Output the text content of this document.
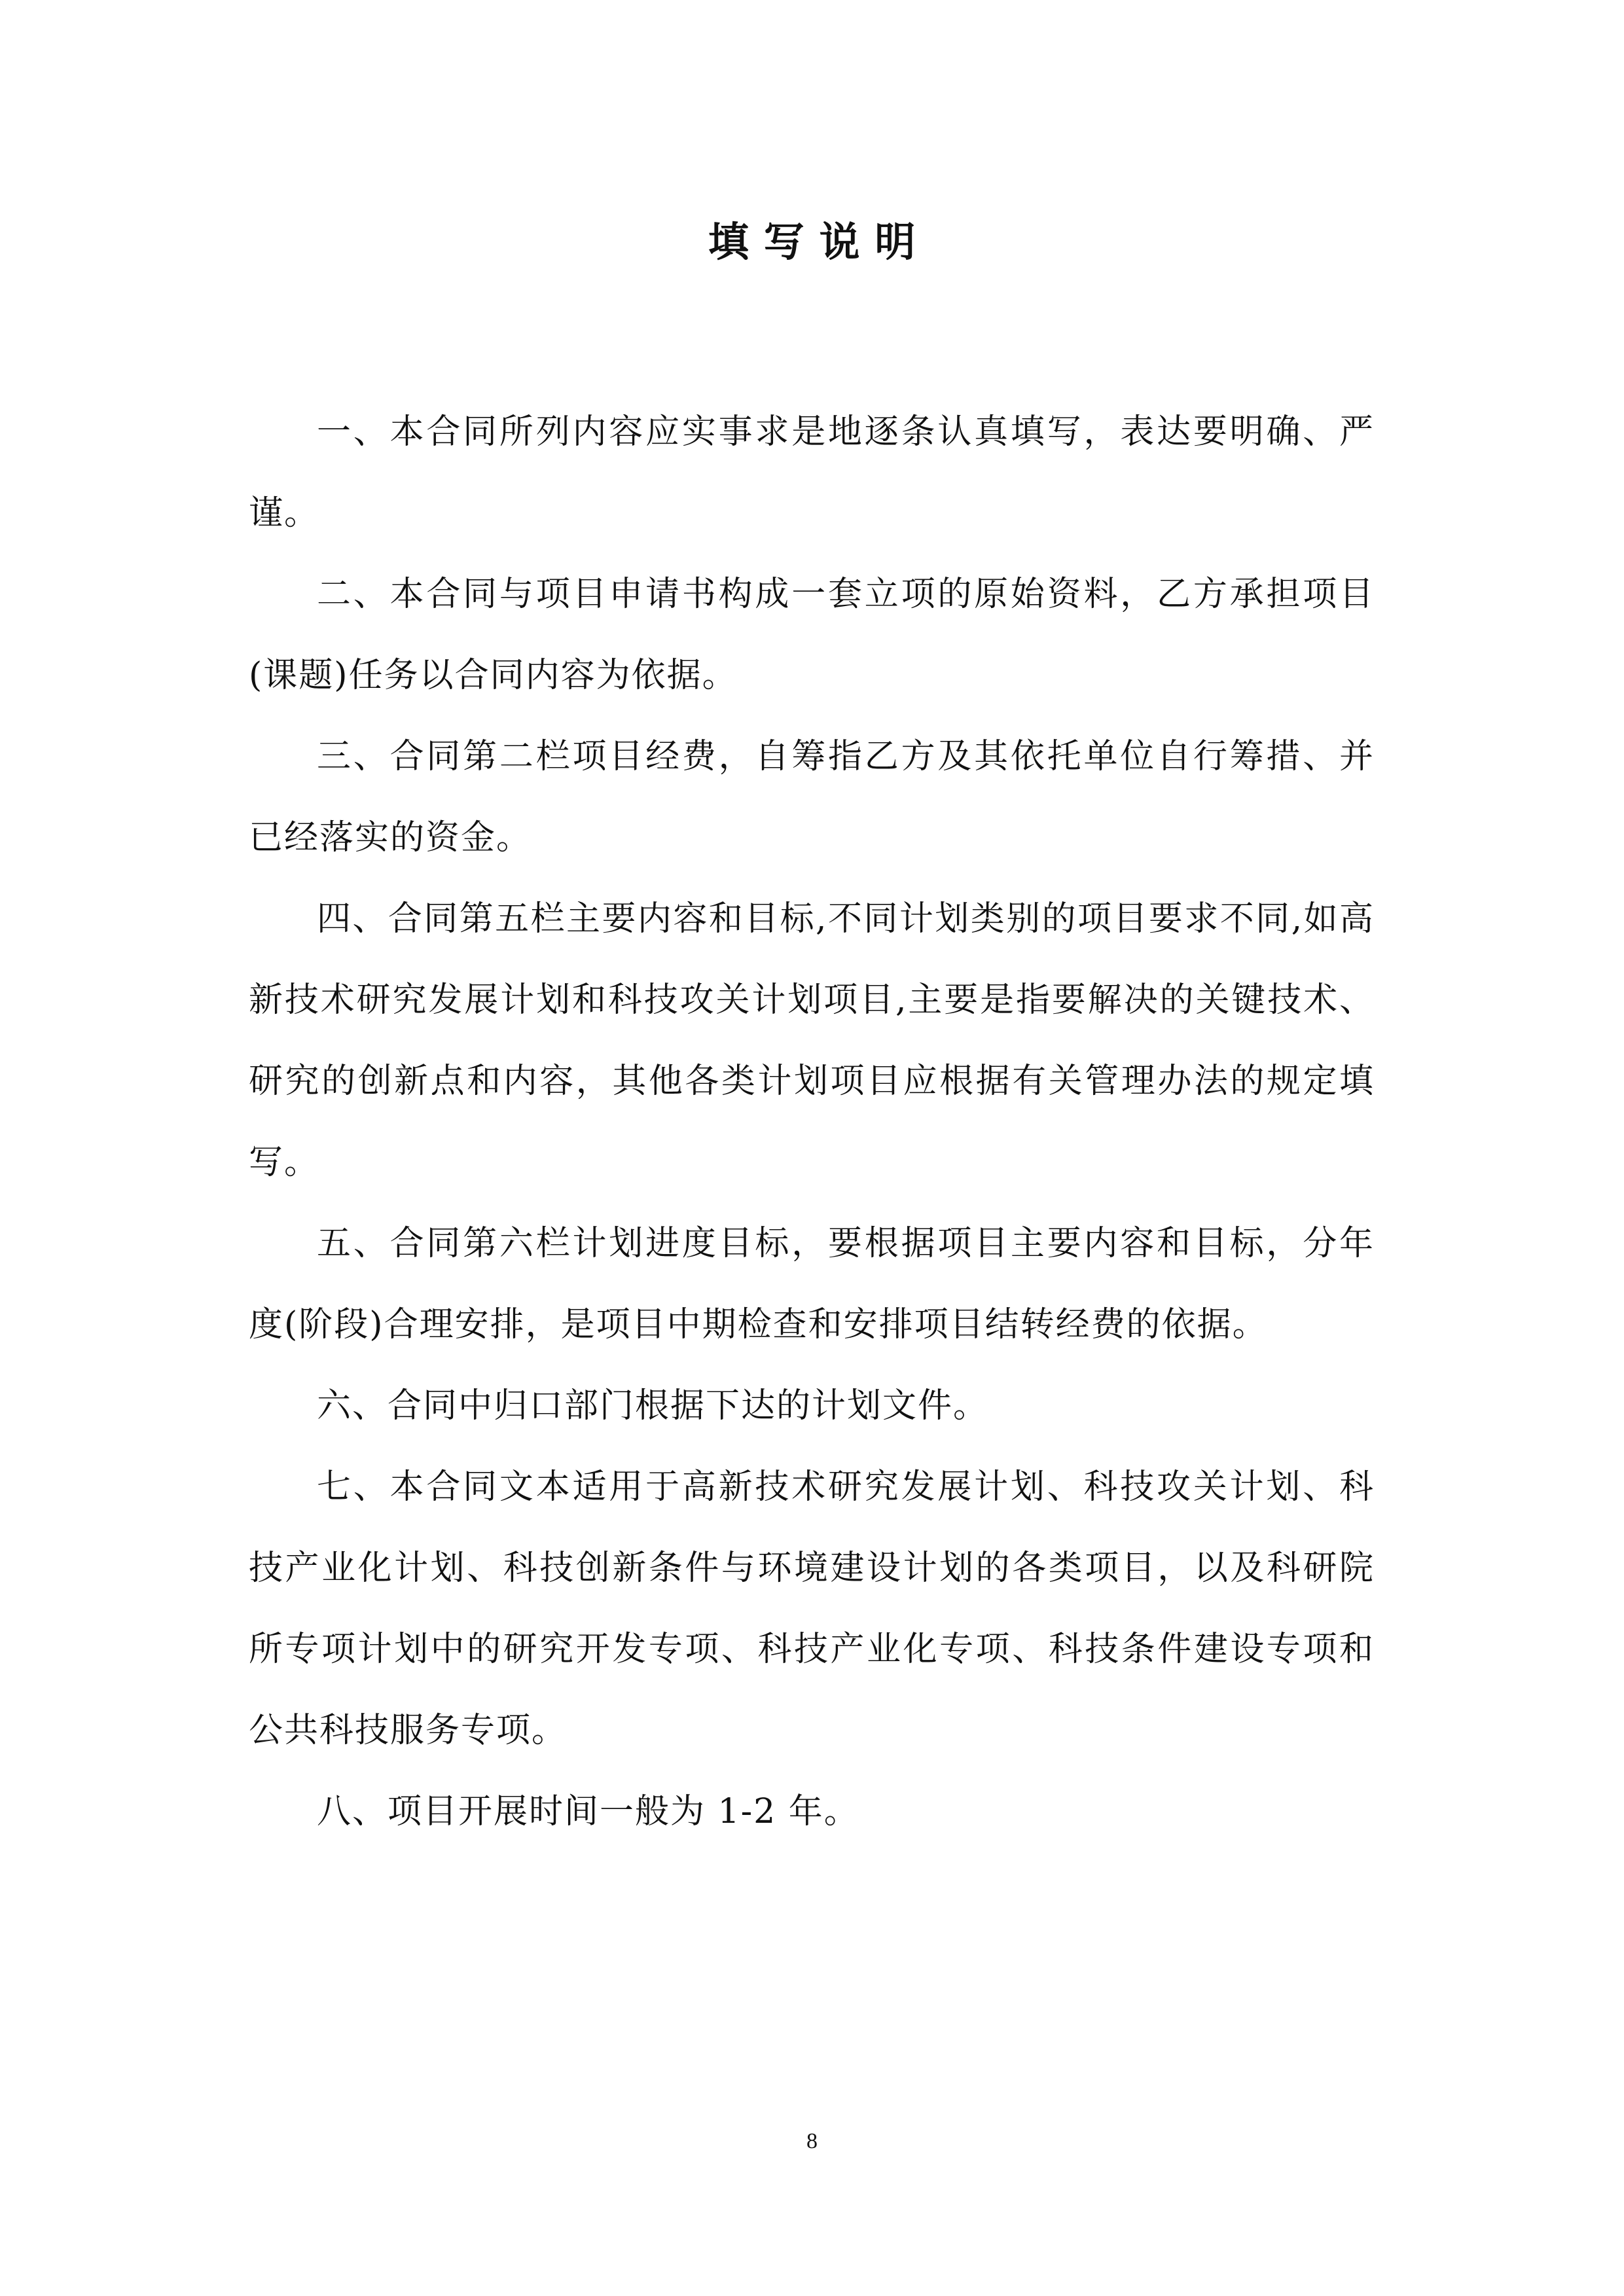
填 写 说 明

一、本合同所列内容应实事求是地逐条认真填写，表达要明确、严谨。

二、本合同与项目申请书构成一套立项的原始资料，乙方承担项目(课题)任务以合同内容为依据。

三、合同第二栏项目经费，自筹指乙方及其依托单位自行筹措、并已经落实的资金。

四、合同第五栏主要内容和目标,不同计划类别的项目要求不同,如高新技术研究发展计划和科技攻关计划项目,主要是指要解决的关键技术、研究的创新点和内容，其他各类计划项目应根据有关管理办法的规定填写。

五、合同第六栏计划进度目标，要根据项目主要内容和目标，分年度(阶段)合理安排，是项目中期检查和安排项目结转经费的依据。

六、合同中归口部门根据下达的计划文件。

七、本合同文本适用于高新技术研究发展计划、科技攻关计划、科技产业化计划、科技创新条件与环境建设计划的各类项目，以及科研院所专项计划中的研究开发专项、科技产业化专项、科技条件建设专项和公共科技服务专项。

八、项目开展时间一般为 1-2 年。

8
